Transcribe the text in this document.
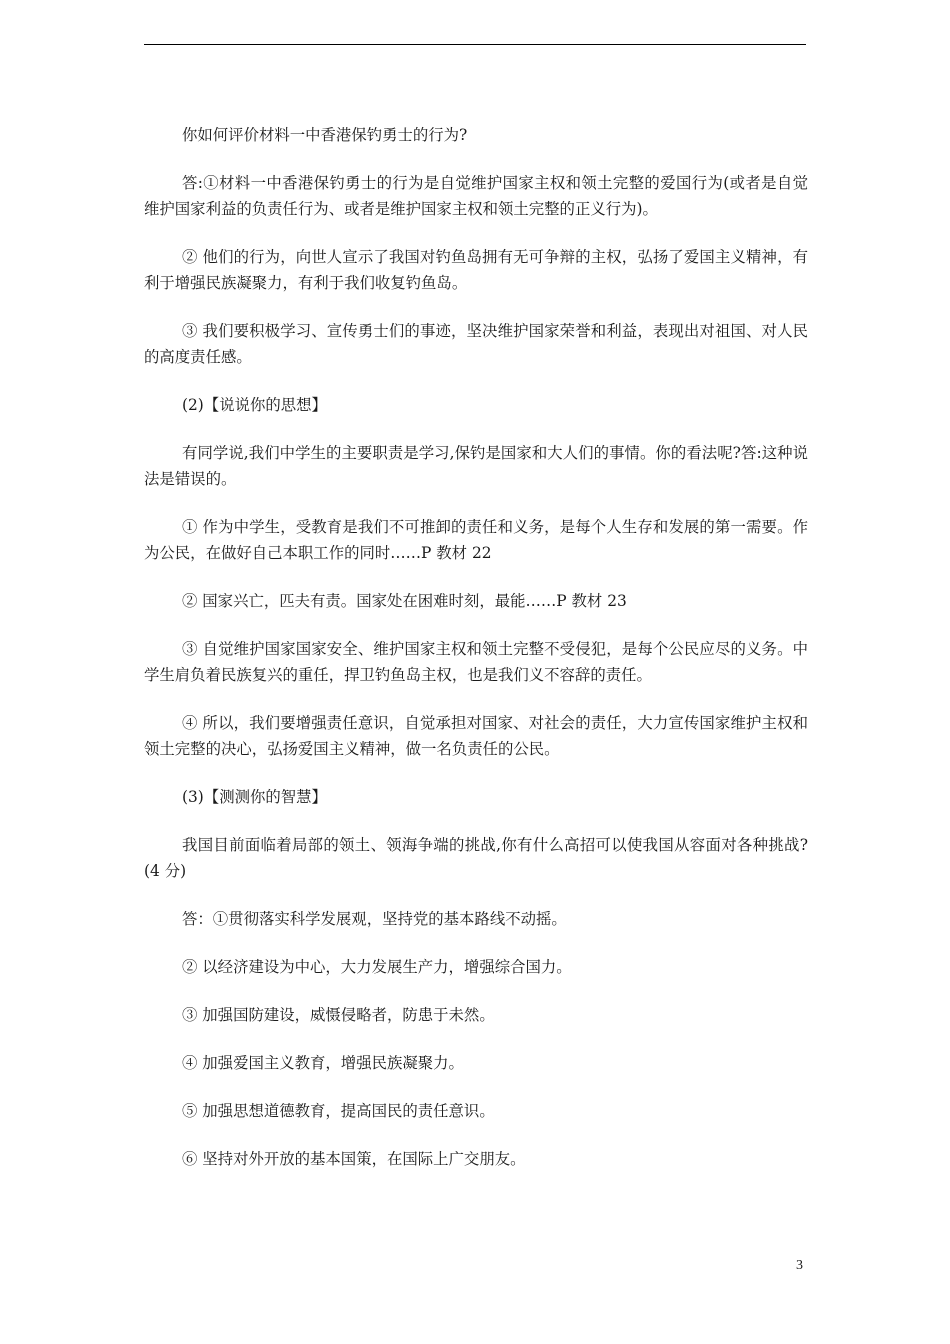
你如何评价材料一中香港保钓勇士的行为?

答:①材料一中香港保钓勇士的行为是自觉维护国家主权和领土完整的爱国行为(或者是自觉维护国家利益的负责任行为、或者是维护国家主权和领土完整的正义行为)。

② 他们的行为，向世人宣示了我国对钓鱼岛拥有无可争辩的主权，弘扬了爱国主义精神，有利于增强民族凝聚力，有利于我们收复钓鱼岛。

③ 我们要积极学习、宣传勇士们的事迹，坚决维护国家荣誉和利益，表现出对祖国、对人民的高度责任感。

(2)【说说你的思想】

有同学说,我们中学生的主要职责是学习,保钓是国家和大人们的事情。你的看法呢?答:这种说法是错误的。

① 作为中学生，受教育是我们不可推卸的责任和义务，是每个人生存和发展的第一需要。作为公民，在做好自己本职工作的同时……P 教材 22

② 国家兴亡，匹夫有责。国家处在困难时刻，最能……P 教材 23

③ 自觉维护国家国家安全、维护国家主权和领土完整不受侵犯，是每个公民应尽的义务。中学生肩负着民族复兴的重任，捍卫钓鱼岛主权，也是我们义不容辞的责任。

④ 所以，我们要增强责任意识，自觉承担对国家、对社会的责任，大力宣传国家维护主权和领土完整的决心，弘扬爱国主义精神，做一名负责任的公民。

(3)【测测你的智慧】

我国目前面临着局部的领土、领海争端的挑战,你有什么高招可以使我国从容面对各种挑战?(4 分)

答：①贯彻落实科学发展观，坚持党的基本路线不动摇。

② 以经济建设为中心，大力发展生产力，增强综合国力。

③ 加强国防建设，威慑侵略者，防患于未然。

④ 加强爱国主义教育，增强民族凝聚力。

⑤ 加强思想道德教育，提高国民的责任意识。

⑥ 坚持对外开放的基本国策，在国际上广交朋友。

3
